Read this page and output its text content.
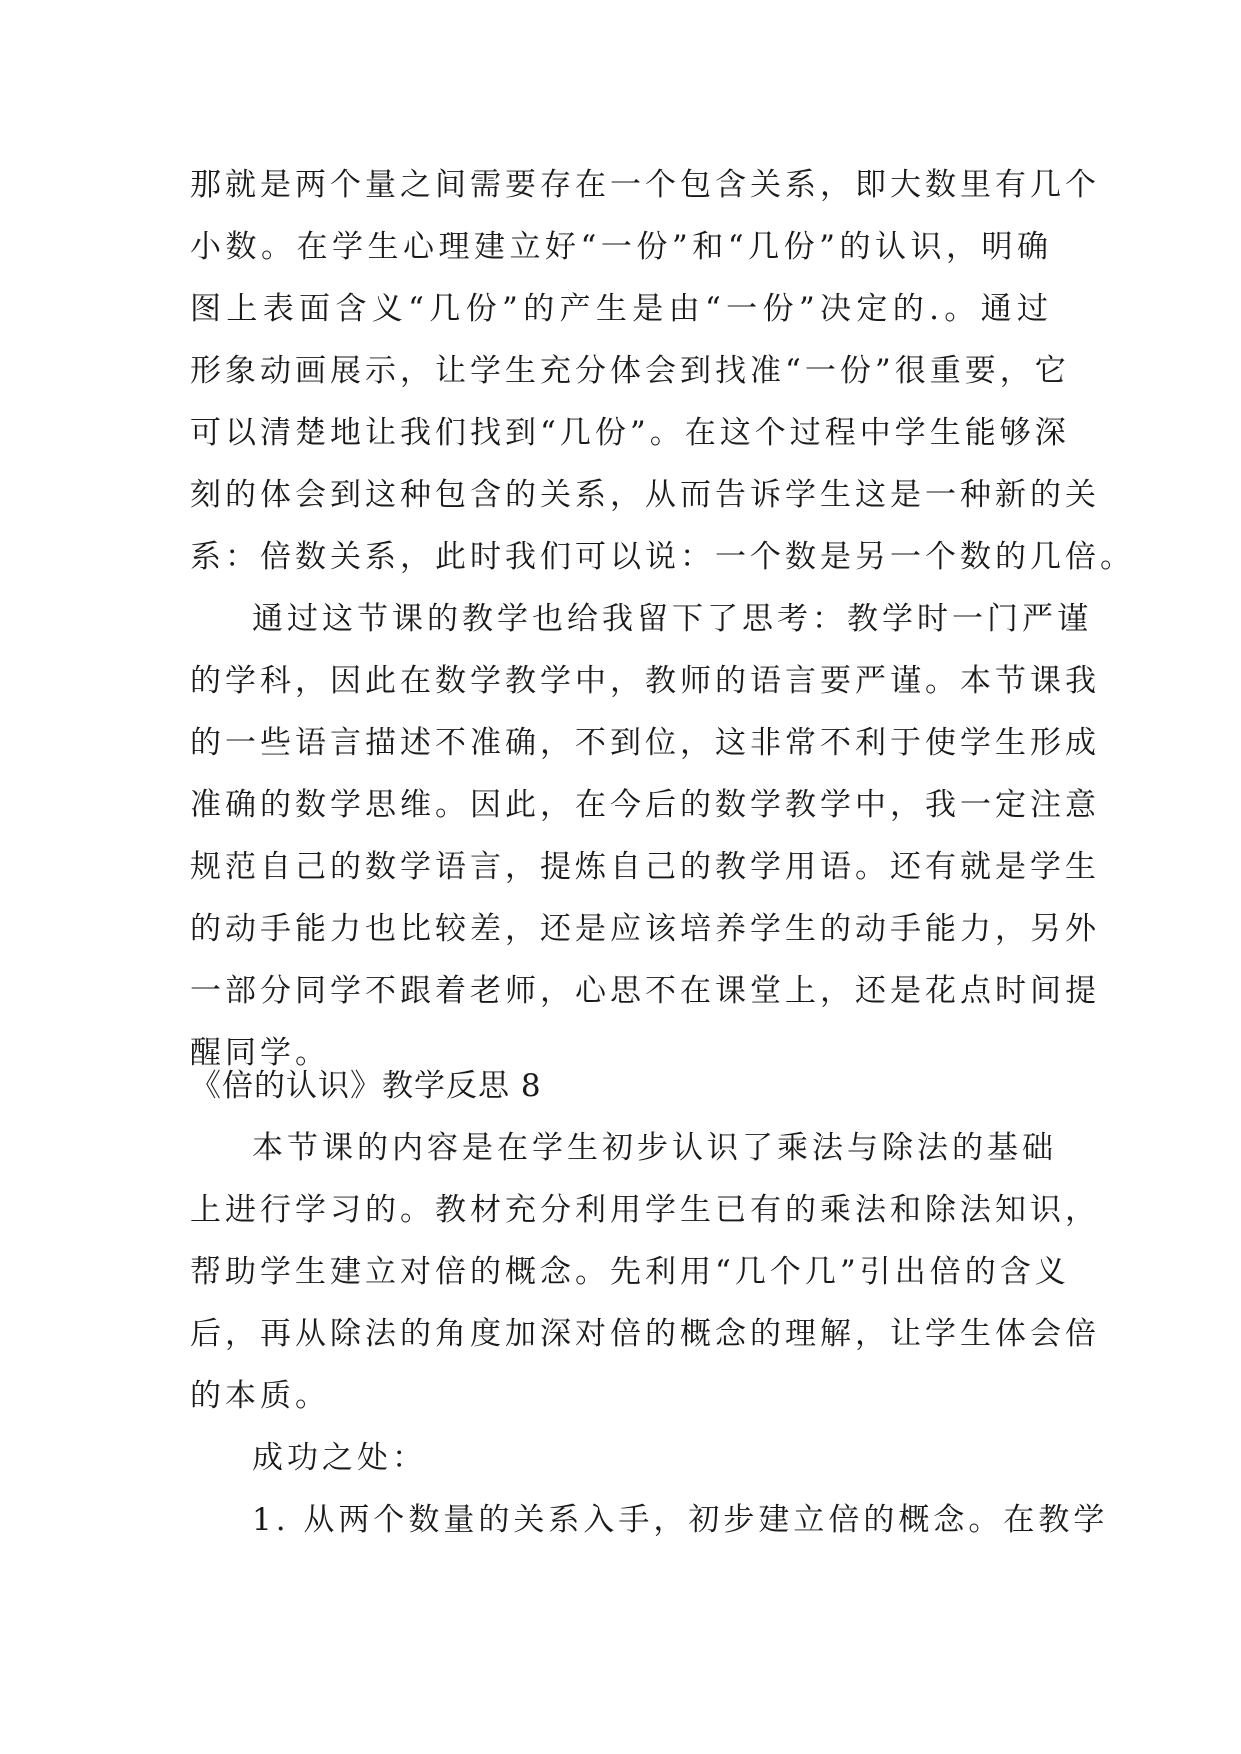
那就是两个量之间需要存在一个包含关系，即大数里有几个
小数。在学生心理建立好“一份”和“几份”的认识，明确
图上表面含义“几份”的产生是由“一份”决定的.。通过
形象动画展示，让学生充分体会到找准“一份”很重要，它
可以清楚地让我们找到“几份”。在这个过程中学生能够深
刻的体会到这种包含的关系，从而告诉学生这是一种新的关
系：倍数关系，此时我们可以说：一个数是另一个数的几倍。
通过这节课的教学也给我留下了思考：教学时一门严谨
的学科，因此在数学教学中，教师的语言要严谨。本节课我
的一些语言描述不准确，不到位，这非常不利于使学生形成
准确的数学思维。因此，在今后的数学教学中，我一定注意
规范自己的数学语言，提炼自己的教学用语。还有就是学生
的动手能力也比较差，还是应该培养学生的动手能力，另外
一部分同学不跟着老师，心思不在课堂上，还是花点时间提
醒同学。
《倍的认识》教学反思 8
本节课的内容是在学生初步认识了乘法与除法的基础
上进行学习的。教材充分利用学生已有的乘法和除法知识，
帮助学生建立对倍的概念。先利用“几个几”引出倍的含义
后，再从除法的角度加深对倍的概念的理解，让学生体会倍
的本质。
成功之处：
1. 从两个数量的关系入手，初步建立倍的概念。在教学
